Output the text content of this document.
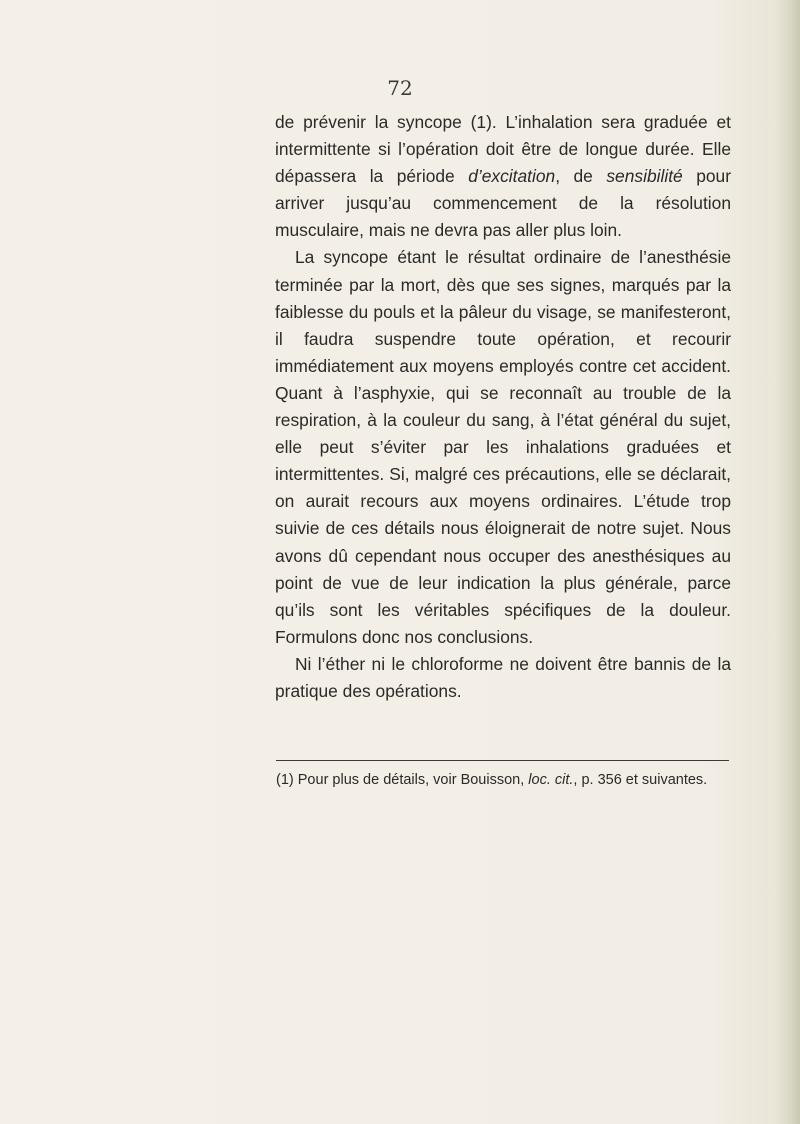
72

de prévenir la syncope (1). L’inhalation sera graduée et intermittente si l’opération doit être de longue durée. Elle dépassera la période d’excitation, de sensibilité pour arriver jusqu’au commencement de la résolution musculaire, mais ne devra pas aller plus loin.

La syncope étant le résultat ordinaire de l’anesthésie terminée par la mort, dès que ses signes, marqués par la faiblesse du pouls et la pâleur du visage, se manifesteront, il faudra suspendre toute opération, et recourir immédiatement aux moyens employés contre cet accident. Quant à l’asphyxie, qui se reconnaît au trouble de la respiration, à la couleur du sang, à l’état général du sujet, elle peut s’éviter par les inhalations graduées et intermittentes. Si, malgré ces précautions, elle se déclarait, on aurait recours aux moyens ordinaires. L’étude trop suivie de ces détails nous éloignerait de notre sujet. Nous avons dû cependant nous occuper des anesthésiques au point de vue de leur indication la plus générale, parce qu’ils sont les véritables spécifiques de la douleur. Formulons donc nos conclusions.

Ni l’éther ni le chloroforme ne doivent être bannis de la pratique des opérations.

(1) Pour plus de détails, voir Bouisson, loc. cit., p. 356 et suivantes.
